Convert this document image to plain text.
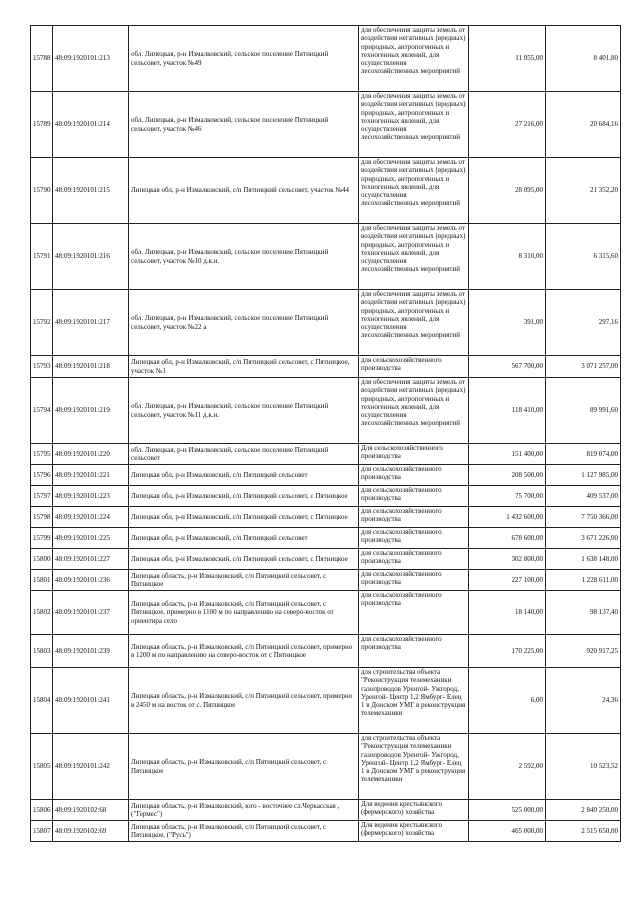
15788	48:09:1920101:213	обл. Липецкая, р-н Измалковский, сельское поселение Пятницкий сельсовет, участок №49	для обеспечения защиты земель от воздействия негативных (вредных) природных, антропогенных и техногенных явлений, для осуществления лесохозяйственных мероприятий	11 055,00	8 401,80
15789	48:09:1920101:214	обл. Липецкая, р-н Измалковский, сельское поселение Пятницкий сельсовет, участок №46	для обеспечения защиты земель от воздействия негативных (вредных) природных, антропогенных и техногенных явлений, для осуществления лесохозяйственных мероприятий	27 216,00	20 684,16
15790	48:09:1920101:215	Липецкая обл, р-н Измалковский, с/п Пятницкий сельсовет, участок №44	для обеспечения защиты земель от воздействия негативных (вредных) природных, антропогенных и техногенных явлений, для осуществления лесохозяйственных мероприятий	28 095,00	21 352,20
15791	48:09:1920101:216	обл. Липецкая, р-н Измалковский, сельское поселение Пятницкий сельсовет, участок №10 д.к.н.	для обеспечения защиты земель от воздействия негативных (вредных) природных, антропогенных и техногенных явлений, для осуществления лесохозяйственных мероприятий	8 310,00	6 315,60
15792	48:09:1920101:217	обл. Липецкая, р-н Измалковский, сельское поселение Пятницкий сельсовет, участок №22 а	для обеспечения защиты земель от воздействия негативных (вредных) природных, антропогенных и техногенных явлений, для осуществления лесохозяйственных мероприятий	391,00	297,16
15793	48:09:1920101:218	Липецкая обл, р-н Измалковский, с/п Пятницкий сельсовет, с Пятницкое, участок №1	для сельскохозяйственного производства	567 700,00	3 071 257,00
15794	48:09:1920101:219	обл. Липецкая, р-н Измалковский, сельское поселение Пятницкий сельсовет, участок №11 д.к.н.	для обеспечения защиты земель от воздействия негативных (вредных) природных, антропогенных и техногенных явлений, для осуществления лесохозяйственных мероприятий	118 410,00	89 991,60
15795	48:09:1920101:220	обл. Липецкая, р-н Измалковский, сельское поселение Пятницкий сельсовет	Для сельскохозяйственного производства	151 400,00	819 074,00
15796	48:09:1920101:221	Липецкая обл, р-н Измалковский, с/п Пятницкий сельсовет	для сельскохозяйственного производства	208 500,00	1 127 985,00
15797	48:09:1920101:223	Липецкая обл, р-н Измалковский, с/п Пятницкий сельсовет, с Пятницкое	для сельскохозяйственного производства	75 700,00	409 537,00
15798	48:09:1920101:224	Липецкая обл, р-н Измалковский, с/п Пятницкий сельсовет, с Пятницкое	для сельскохозяйственного производства	1 432 600,00	7 750 366,00
15799	48:09:1920101:225	Липецкая обл, р-н Измалковский, с/п Пятницкий сельсовет	для сельскохозяйственного производства	678 600,00	3 671 226,00
15800	48:09:1920101:227	Липецкая обл, р-н Измалковский, с/п Пятницкий сельсовет, с Пятницкое	для сельскохозяйственного производства	302 800,00	1 638 148,00
15801	48:09:1920101:236	Липецкая область, р-н Измалковский, с/п Пятницкий сельсовет, с Пятницкое	для сельскохозяйственного производства	227 100,00	1 228 611,00
15802	48:09:1920101:237	Липецкая область, р-н Измалковский, с/п Пятницкий сельсовет, с Пятницкое, примерно в 1100 м по направлению на северо-восток от ориентира село	для сельскохозяйственного производства	18 140,00	98 137,40
15803	48:09:1920101:239	Липецкая область, р-н Измалковский, с/п Пятницкий сельсовет, примерно в 1200 м по направлению на северо-восток от с Пятницкое	для сельскохозяйственного производства	170 225,00	920 917,25
15804	48:09:1920101:241	Липецкая область, р-н Измалковский, с/п Пятницкий сельсовет, примерно в 2450 м на восток от с. Пятницкое	для строительства объекта "Реконструкция телемеханики газопроводов Уренгой- Ужгород, Уренгой- Центр 1,2 Ямбург- Елец 1 в Донском УМГ в реконструкция телемеханики	6,00	24,36
15805	48:09:1920101:242	Липецкая область, р-н Измалковский, с/п Пятницкий сельсовет, с Пятницкое	для строительства объекта "Реконструкция телемеханики газопроводов Уренгой- Ужгород, Уренгой- Центр 1,2 Ямбург- Елец 1 в Донском УМГ в реконструкция телемеханики	2 592,00	10 523,52
15806	48:09:1920102:68	Липецкая область, р-н Измалковский, юго - восточнее сл.Черкасская , ("Гермес")	Для ведения крестьянского (фермерского) хозяйства	525 000,00	2 840 250,00
15807	48:09:1920102:69	Липецкая область, р-н Измалковский, с/п Пятницкий сельсовет, с Пятницкое, ("Русь")	Для ведения крестьянского (фермерского) хозяйства	465 000,00	2 515 650,00
